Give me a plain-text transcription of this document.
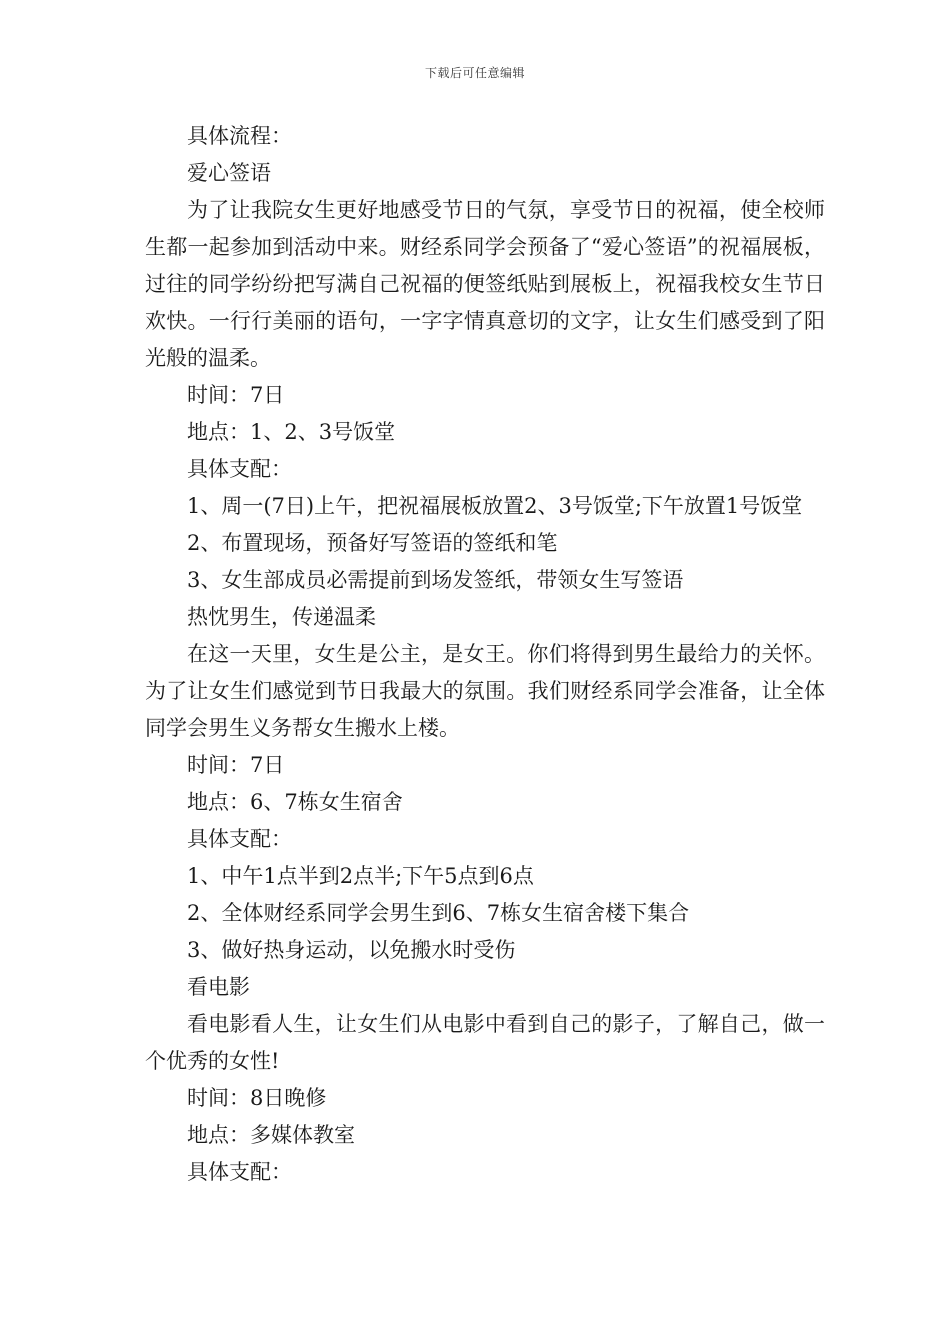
下载后可任意编辑

具体流程：

爱心签语

为了让我院女生更好地感受节日的气氛，享受节日的祝福，使全校师生都一起参加到活动中来。财经系同学会预备了“爱心签语”的祝福展板，过往的同学纷纷把写满自己祝福的便签纸贴到展板上，祝福我校女生节日欢快。一行行美丽的语句，一字字情真意切的文字，让女生们感受到了阳光般的温柔。

时间：7日

地点：1、2、3号饭堂

具体支配：

1、周一(7日)上午，把祝福展板放置2、3号饭堂;下午放置1号饭堂

2、布置现场，预备好写签语的签纸和笔

3、女生部成员必需提前到场发签纸，带领女生写签语

热忱男生，传递温柔

在这一天里，女生是公主，是女王。你们将得到男生最给力的关怀。为了让女生们感觉到节日我最大的氛围。我们财经系同学会准备，让全体同学会男生义务帮女生搬水上楼。

时间：7日

地点：6、7栋女生宿舍

具体支配：

1、中午1点半到2点半;下午5点到6点

2、全体财经系同学会男生到6、7栋女生宿舍楼下集合

3、做好热身运动，以免搬水时受伤

看电影

看电影看人生，让女生们从电影中看到自己的影子，了解自己，做一个优秀的女性!

时间：8日晚修

地点：多媒体教室

具体支配：
